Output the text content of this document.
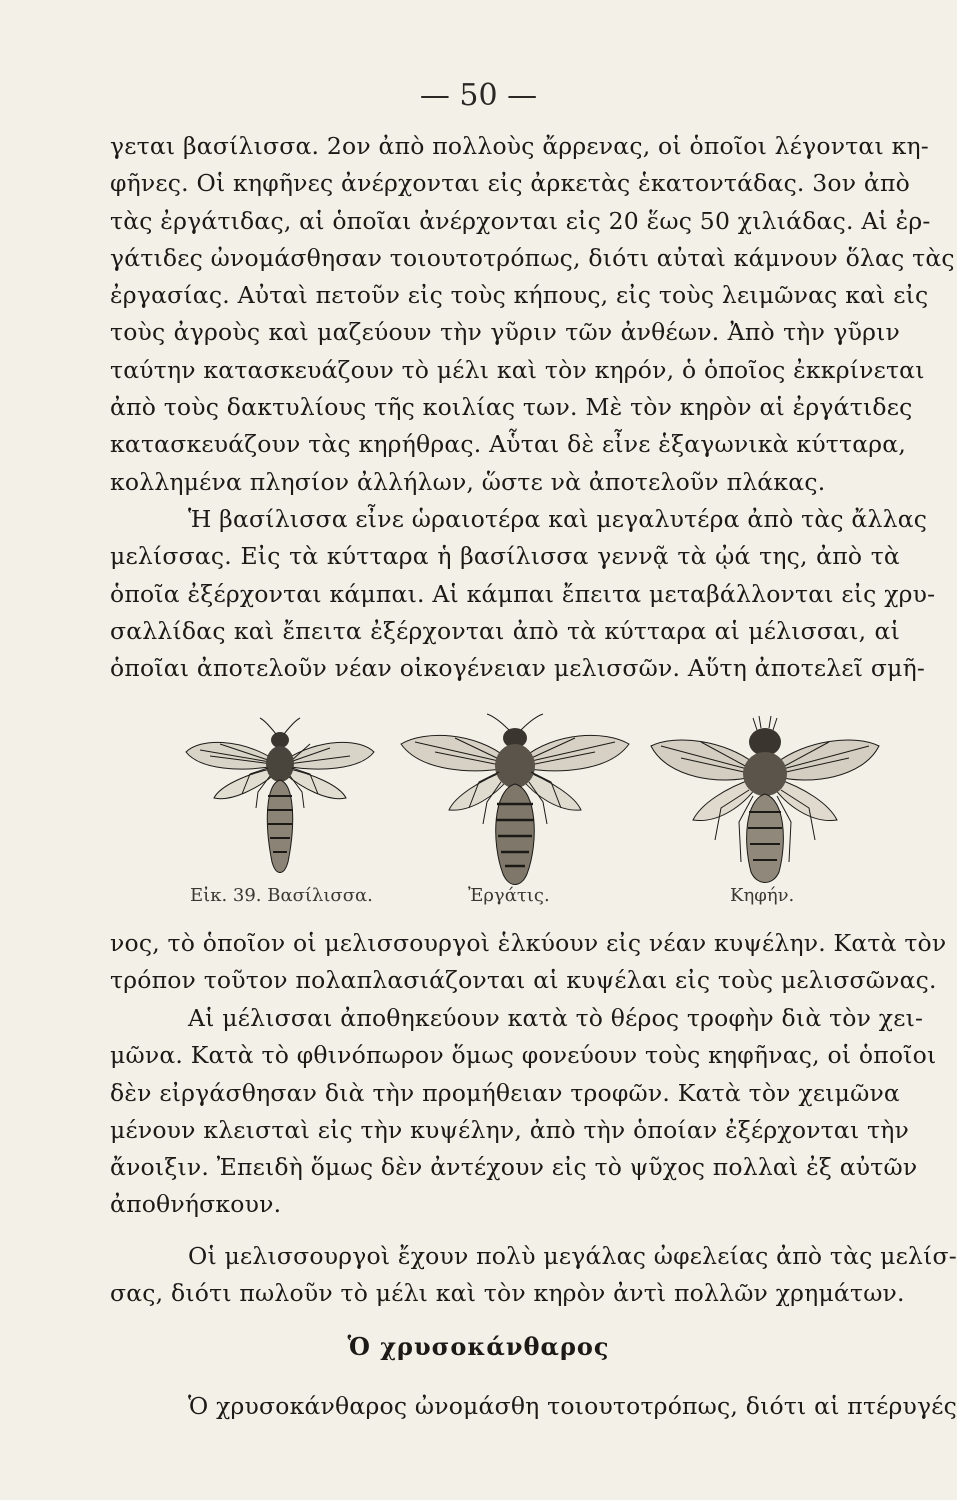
— 50 —
γεται βασίλισσα. 2ον ἀπὸ πολλοὺς ἄρρενας, οἱ ὁποῖοι λέγονται κη-
φῆνες. Οἱ κηφῆνες ἀνέρχονται εἰς ἀρκετὰς ἑκατοντάδας. 3ον ἀπὸ
τὰς ἐργάτιδας, αἱ ὁποῖαι ἀνέρχονται εἰς 20 ἕως 50 χιλιάδας. Αἱ ἐρ-
γάτιδες ὠνομάσθησαν τοιουτοτρόπως, διότι αὐταὶ κάμνουν ὅλας τὰς
ἐργασίας. Αὐταὶ πετοῦν εἰς τοὺς κήπους, εἰς τοὺς λειμῶνας καὶ εἰς
τοὺς ἀγροὺς καὶ μαζεύουν τὴν γῦριν τῶν ἀνθέων. Ἀπὸ τὴν γῦριν
ταύτην κατασκευάζουν τὸ μέλι καὶ τὸν κηρόν, ὁ ὁποῖος ἐκκρίνεται
ἀπὸ τοὺς δακτυλίους τῆς κοιλίας των. Μὲ τὸν κηρὸν αἱ ἐργάτιδες
κατασκευάζουν τὰς κηρήθρας. Αὗται δὲ εἶνε ἑξαγωνικὰ κύτταρα,
κολλημένα πλησίον ἀλλήλων, ὥστε νὰ ἀποτελοῦν πλάκας.
Ἡ βασίλισσα εἶνε ὡραιοτέρα καὶ μεγαλυτέρα ἀπὸ τὰς ἄλλας
μελίσσας. Εἰς τὰ κύτταρα ἡ βασίλισσα γεννᾷ τὰ ᾠά της, ἀπὸ τὰ
ὁποῖα ἐξέρχονται κάμπαι. Αἱ κάμπαι ἔπειτα μεταβάλλονται εἰς χρυ-
σαλλίδας καὶ ἔπειτα ἐξέρχονται ἀπὸ τὰ κύτταρα αἱ μέλισσαι, αἱ
ὁποῖαι ἀποτελοῦν νέαν οἰκογένειαν μελισσῶν. Αὕτη ἀποτελεῖ σμῆ-
Εἰκ. 39. Βασίλισσα.	Ἐργάτις.	Κηφήν.
νος, τὸ ὁποῖον οἱ μελισσουργοὶ ἑλκύουν εἰς νέαν κυψέλην. Κατὰ τὸν
τρόπον τοῦτον πολαπλασιάζονται αἱ κυψέλαι εἰς τοὺς μελισσῶνας.
Αἱ μέλισσαι ἀποθηκεύουν κατὰ τὸ θέρος τροφὴν διὰ τὸν χει-
μῶνα. Κατὰ τὸ φθινόπωρον ὅμως φονεύουν τοὺς κηφῆνας, οἱ ὁποῖοι
δὲν εἰργάσθησαν διὰ τὴν προμήθειαν τροφῶν. Κατὰ τὸν χειμῶνα
μένουν κλεισταὶ εἰς τὴν κυψέλην, ἀπὸ τὴν ὁποίαν ἐξέρχονται τὴν
ἄνοιξιν. Ἐπειδὴ ὅμως δὲν ἀντέχουν εἰς τὸ ψῦχος πολλαὶ ἐξ αὐτῶν
ἀποθνήσκουν.
Οἱ μελισσουργοὶ ἔχουν πολὺ μεγάλας ὠφελείας ἀπὸ τὰς μελίσ-
σας, διότι πωλοῦν τὸ μέλι καὶ τὸν κηρὸν ἀντὶ πολλῶν χρημάτων.
Ὁ χρυσοκάνθαρος
Ὁ χρυσοκάνθαρος ὠνομάσθη τοιουτοτρόπως, διότι αἱ πτέρυγές
